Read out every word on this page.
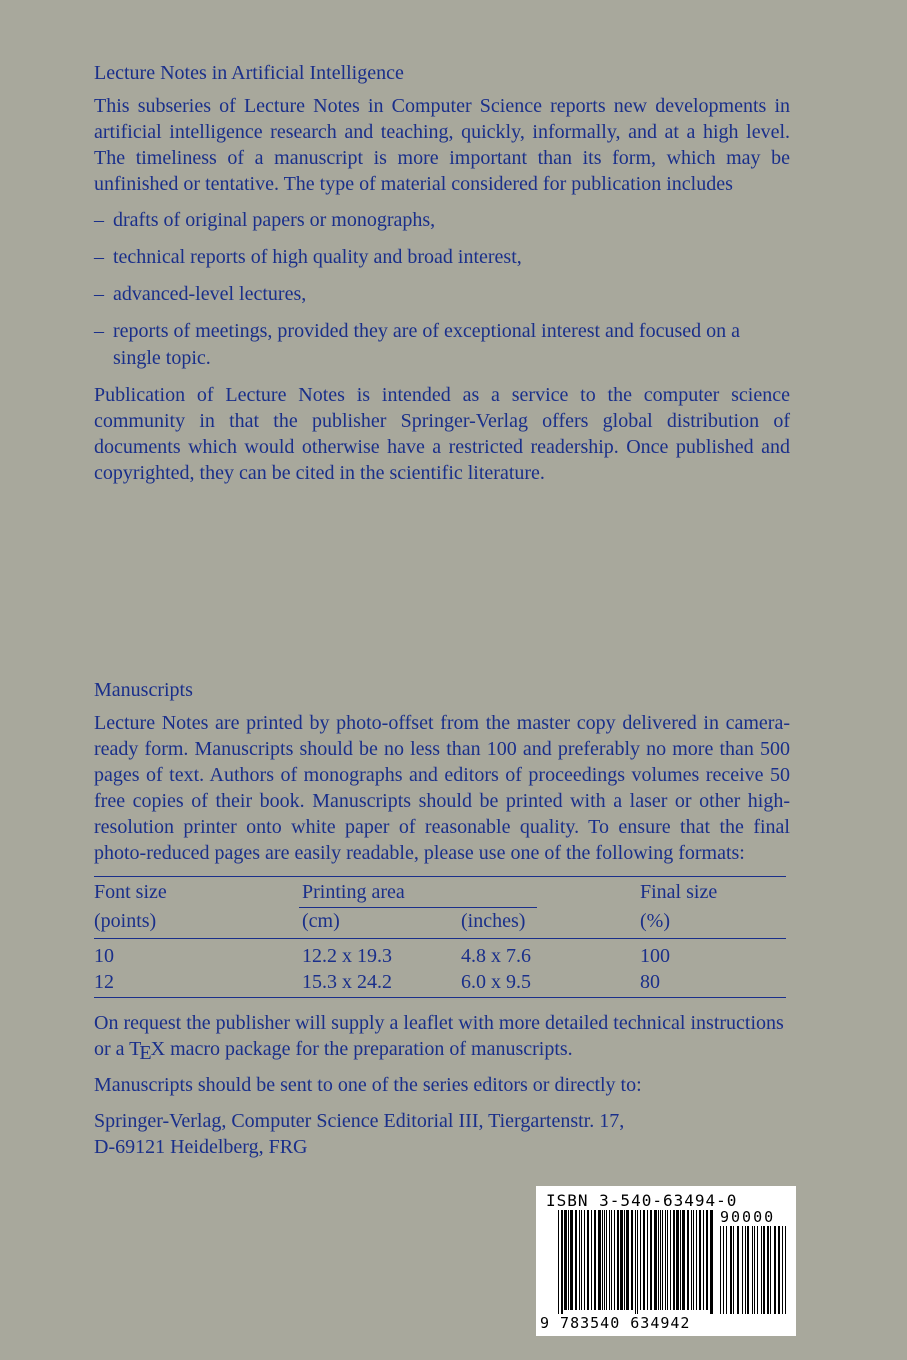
Lecture Notes in Artificial Intelligence

This subseries of Lecture Notes in Computer Science reports new developments in artificial intelligence research and teaching, quickly, informally, and at a high level. The timeliness of a manuscript is more important than its form, which may be unfinished or tentative. The type of material considered for publication includes

– drafts of original papers or monographs,
– technical reports of high quality and broad interest,
– advanced-level lectures,
– reports of meetings, provided they are of exceptional interest and focused on a single topic.

Publication of Lecture Notes is intended as a service to the computer science community in that the publisher Springer-Verlag offers global distribution of documents which would otherwise have a restricted readership. Once published and copyrighted, they can be cited in the scientific literature.

Manuscripts

Lecture Notes are printed by photo-offset from the master copy delivered in camera-ready form. Manuscripts should be no less than 100 and preferably no more than 500 pages of text. Authors of monographs and editors of proceedings volumes receive 50 free copies of their book. Manuscripts should be printed with a laser or other high-resolution printer onto white paper of reasonable quality. To ensure that the final photo-reduced pages are easily readable, please use one of the following formats:

Font size	Printing area	Final size
(points)	(cm)	(inches)	(%)
10	12.2 x 19.3	4.8 x 7.6	100
12	15.3 x 24.2	6.0 x 9.5	80

On request the publisher will supply a leaflet with more detailed technical instructions or a TEX macro package for the preparation of manuscripts.

Manuscripts should be sent to one of the series editors or directly to:

Springer-Verlag, Computer Science Editorial III, Tiergartenstr. 17,

D-69121 Heidelberg, FRG

ISBN 3-540-63494-0
90000
9 783540 634942
